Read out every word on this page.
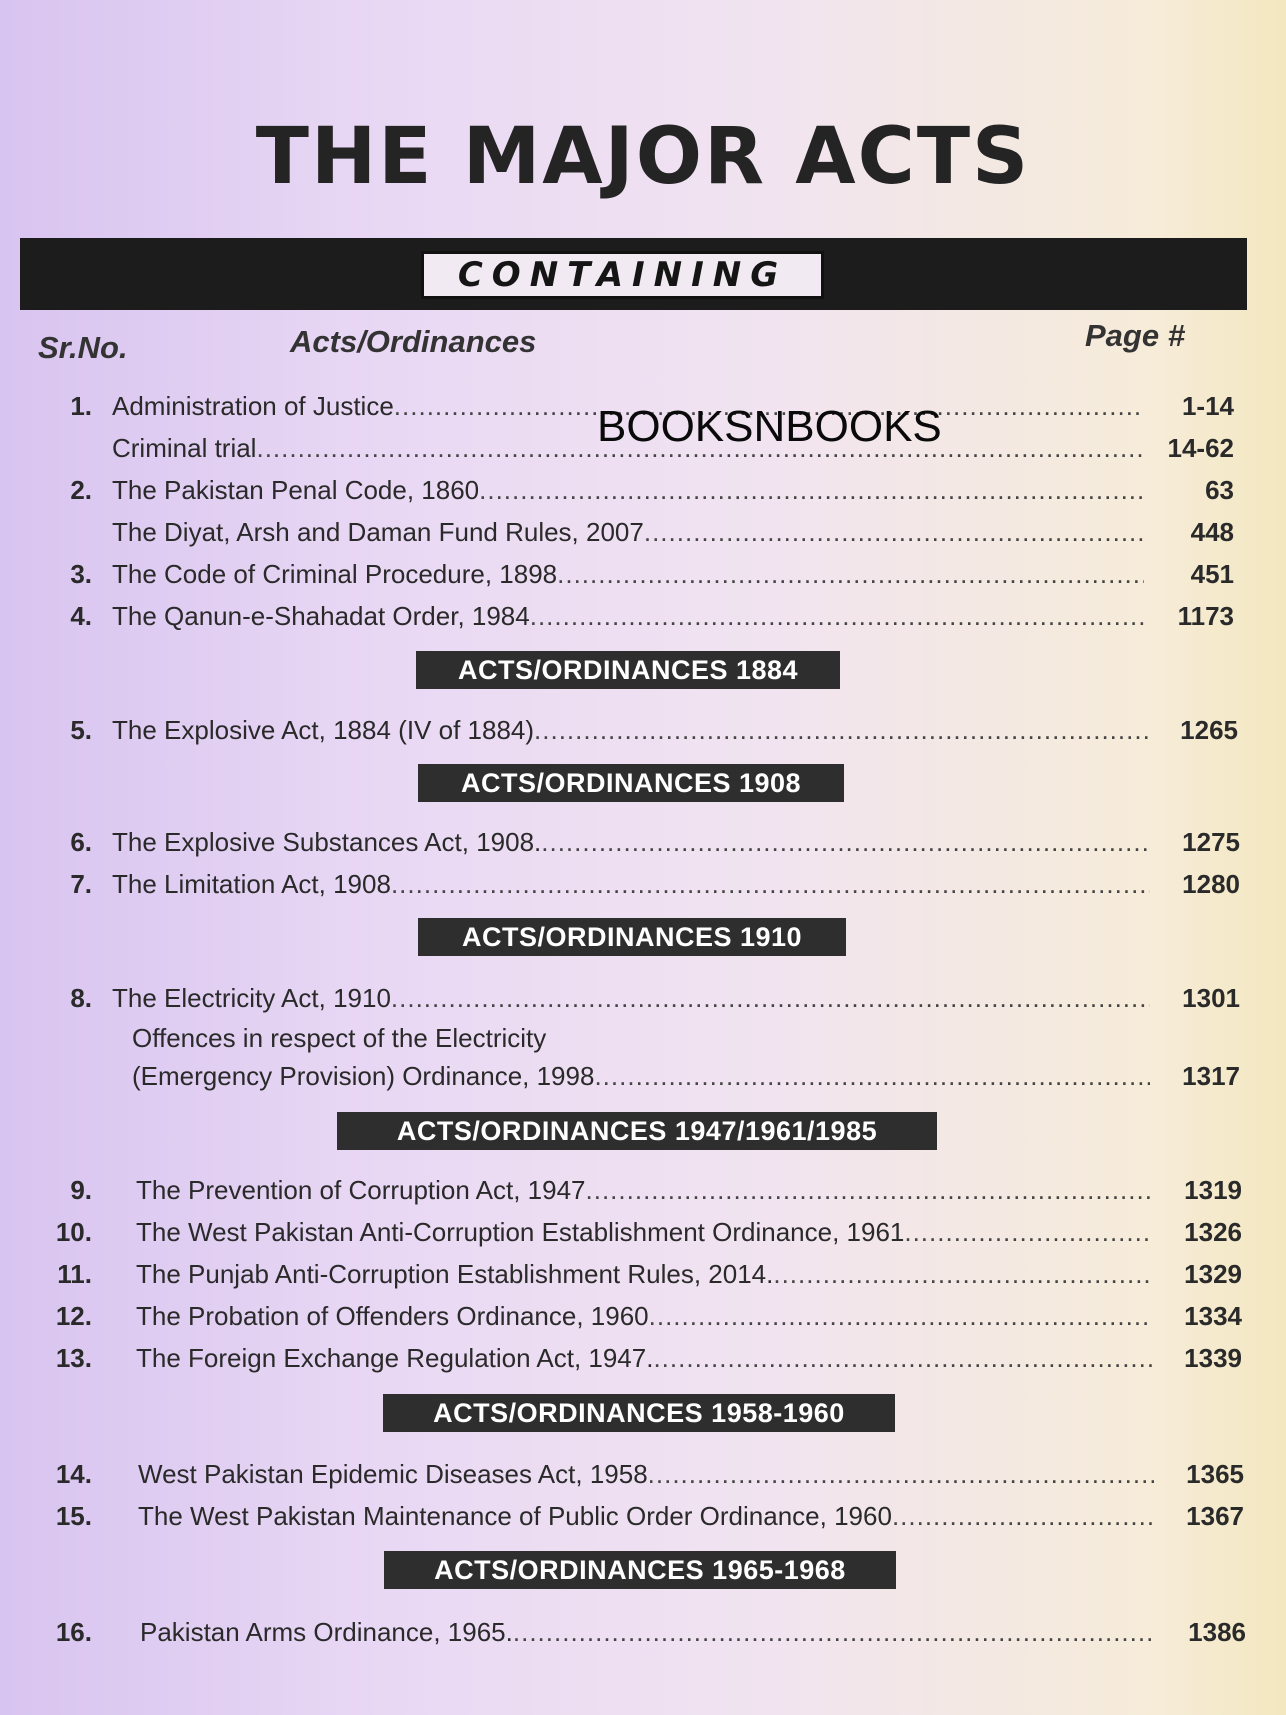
THE MAJOR ACTS
CONTAINING
Sr.No.	Acts/Ordinances	Page #
1. Administration of Justice .....	1-14
Criminal trial .....	14-62
BOOKSNBOOKS
2. The Pakistan Penal Code, 1860 .....	63
The Diyat, Arsh and Daman Fund Rules, 2007 .....	448
3. The Code of Criminal Procedure, 1898 .....	451
4. The Qanun-e-Shahadat Order, 1984 .....	1173
ACTS/ORDINANCES 1884
5. The Explosive Act, 1884 (IV of 1884) .....	1265
ACTS/ORDINANCES 1908
6. The Explosive Substances Act, 1908. .....	1275
7. The Limitation Act, 1908 .....	1280
ACTS/ORDINANCES 1910
8. The Electricity Act, 1910 .....	1301
Offences in respect of the Electricity
(Emergency Provision) Ordinance, 1998 .....	1317
ACTS/ORDINANCES 1947/1961/1985
9. The Prevention of Corruption Act, 1947 .....	1319
10. The West Pakistan Anti-Corruption Establishment Ordinance, 1961 .....	1326
11. The Punjab Anti-Corruption Establishment Rules, 2014. .....	1329
12. The Probation of Offenders Ordinance, 1960 .....	1334
13. The Foreign Exchange Regulation Act, 1947. .....	1339
ACTS/ORDINANCES 1958-1960
14. West Pakistan Epidemic Diseases Act, 1958 .....	1365
15. The West Pakistan Maintenance of Public Order Ordinance, 1960 .....	1367
ACTS/ORDINANCES 1965-1968
16. Pakistan Arms Ordinance, 1965. .....	1386
